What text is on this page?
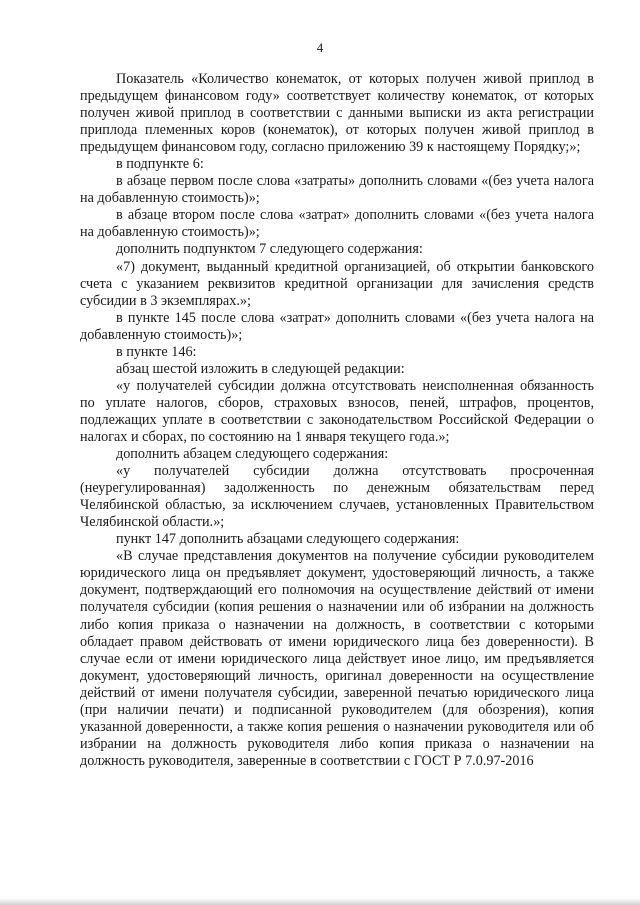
4

Показатель «Количество конематок, от которых получен живой приплод в предыдущем финансовом году» соответствует количеству конематок, от которых получен живой приплод в соответствии с данными выписки из акта регистрации приплода племенных коров (конематок), от которых получен живой приплод в предыдущем финансовом году, согласно приложению 39 к настоящему Порядку;»;

в подпункте 6:

в абзаце первом после слова «затраты» дополнить словами «(без учета налога на добавленную стоимость)»;

в абзаце втором после слова «затрат» дополнить словами «(без учета налога на добавленную стоимость)»;

дополнить подпунктом 7 следующего содержания:

«7) документ, выданный кредитной организацией, об открытии банковского счета с указанием реквизитов кредитной организации для зачисления средств субсидии в 3 экземплярах.»;

в пункте 145 после слова «затрат» дополнить словами «(без учета налога на добавленную стоимость)»;

в пункте 146:

абзац шестой изложить в следующей редакции:

«у получателей субсидии должна отсутствовать неисполненная обязанность по уплате налогов, сборов, страховых взносов, пеней, штрафов, процентов, подлежащих уплате в соответствии с законодательством Российской Федерации о налогах и сборах, по состоянию на 1 января текущего года.»;

дополнить абзацем следующего содержания:

«у получателей субсидии должна отсутствовать просроченная (неурегулированная) задолженность по денежным обязательствам перед Челябинской областью, за исключением случаев, установленных Правительством Челябинской области.»;

пункт 147 дополнить абзацами следующего содержания:

«В случае представления документов на получение субсидии руководителем юридического лица он предъявляет документ, удостоверяющий личность, а также документ, подтверждающий его полномочия на осуществление действий от имени получателя субсидии (копия решения о назначении или об избрании на должность либо копия приказа о назначении на должность, в соответствии с которыми обладает правом действовать от имени юридического лица без доверенности). В случае если от имени юридического лица действует иное лицо, им предъявляется документ, удостоверяющий личность, оригинал доверенности на осуществление действий от имени получателя субсидии, заверенной печатью юридического лица (при наличии печати) и подписанной руководителем (для обозрения), копия указанной доверенности, а также копия решения о назначении руководителя или об избрании на должность руководителя либо копия приказа о назначении на должность руководителя, заверенные в соответствии с ГОСТ Р 7.0.97-2016
